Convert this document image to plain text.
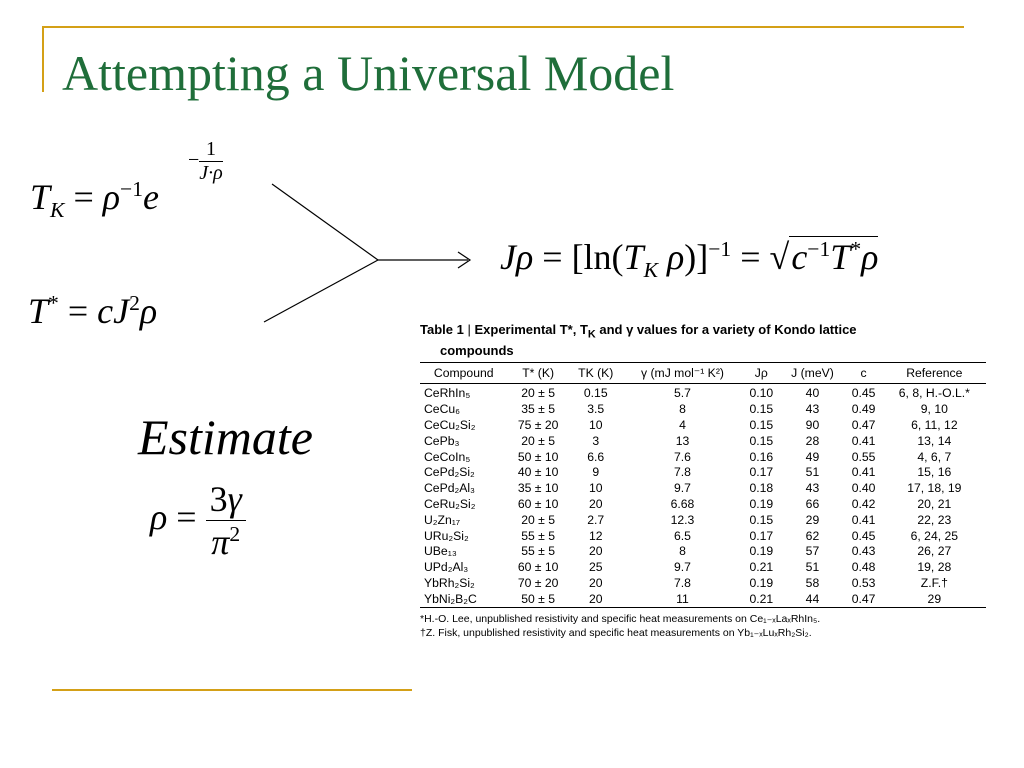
Attempting a Universal Model
$T_K = \rho^{-1}e$
− $\frac{1}{J\cdot\rho}$
$T^* = cJ^2\rho$
$J\rho = [\ln(T_K$ $\rho)]^{-1} = √c^{-1}T^*\rho$
Estimate
$\rho = \frac{3\gamma}{\pi^2}$
Table 1 | Experimental T*, $T_K$ and γ values for a variety of Kondo lattice
compounds
Compound	T* (K)	TK (K)	γ (mJ mol⁻¹ K²)	Jρ	J (meV)	c	Reference
CeRhIn₅	20 ± 5	0.15	5.7	0.10	40	0.45	6, 8, H.-O.L.*
CeCu₆	35 ± 5	3.5	8	0.15	43	0.49	9, 10
CeCu₂Si₂	75 ± 20	10	4	0.15	90	0.47	6, 11, 12
CePb₃	20 ± 5	3	13	0.15	28	0.41	13, 14
CeCoIn₅	50 ± 10	6.6	7.6	0.16	49	0.55	4, 6, 7
CePd₂Si₂	40 ± 10	9	7.8	0.17	51	0.41	15, 16
CePd₂Al₃	35 ± 10	10	9.7	0.18	43	0.40	17, 18, 19
CeRu₂Si₂	60 ± 10	20	6.68	0.19	66	0.42	20, 21
U₂Zn₁₇	20 ± 5	2.7	12.3	0.15	29	0.41	22, 23
URu₂Si₂	55 ± 5	12	6.5	0.17	62	0.45	6, 24, 25
UBe₁₃	55 ± 5	20	8	0.19	57	0.43	26, 27
UPd₂Al₃	60 ± 10	25	9.7	0.21	51	0.48	19, 28
YbRh₂Si₂	70 ± 20	20	7.8	0.19	58	0.53	Z.F.†
YbNi₂B₂C	50 ± 5	20	11	0.21	44	0.47	29
*H.-O. Lee, unpublished resistivity and specific heat measurements on Ce₁₋ₓLaₓRhIn₅.
†Z. Fisk, unpublished resistivity and specific heat measurements on Yb₁₋ₓLuₓRh₂Si₂.
